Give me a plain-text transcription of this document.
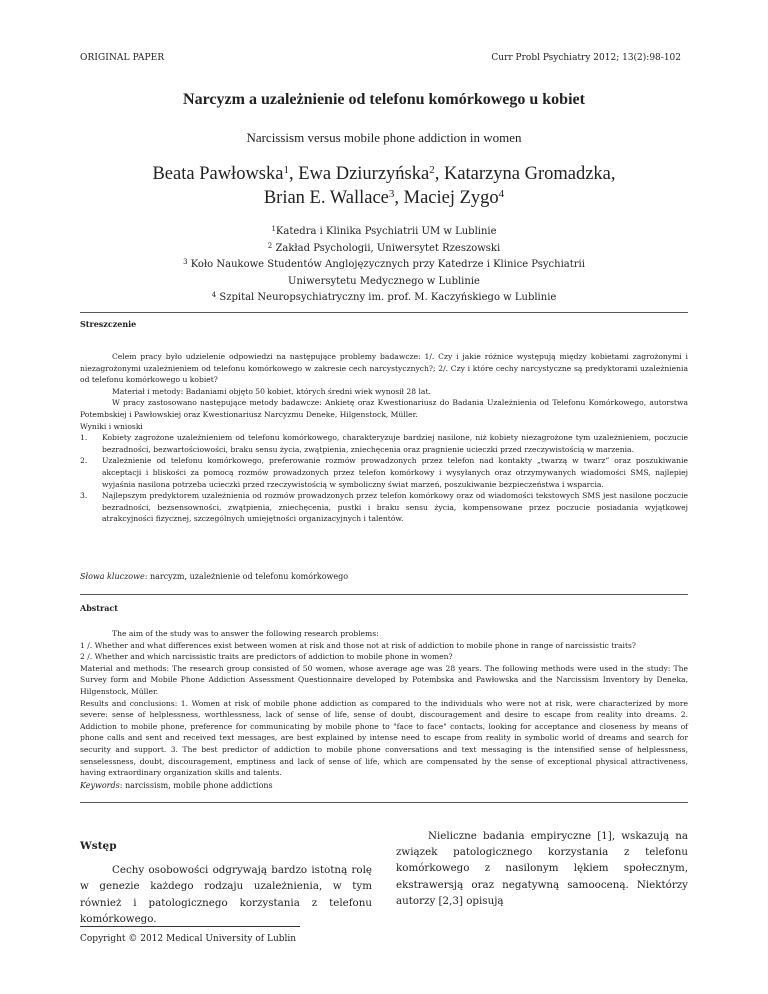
ORIGINAL PAPER	Curr Probl Psychiatry 2012; 13(2):98-102
Narcyzm a uzależnienie od telefonu komórkowego u kobiet
Narcissism versus mobile phone addiction in women
Beata Pawłowska$^1$, Ewa Dziurzyńska$^2$, Katarzyna Gromadzka,
Brian E. Wallace$^3$, Maciej Zygo$^4$
$^1$Katedra i Klinika Psychiatrii UM w Lublinie
$^2$ Zakład Psychologii, Uniwersytet Rzeszowski
$^3$ Koło Naukowe Studentów Anglojęzycznych przy Katedrze i Klinice Psychiatrii
Uniwersytetu Medycznego w Lublinie
$^4$ Szpital Neuropsychiatryczny im. prof. M. Kaczyńskiego w Lublinie
Streszczenie

Celem pracy było udzielenie odpowiedzi na następujące problemy badawcze: 1/. Czy i jakie różnice występują między kobietami zagrożonymi i niezagrożonymi uzależnieniem od telefonu komórkowego w zakresie cech narcystycznych?; 2/. Czy i które cechy narcystyczne są predyktorami uzależnienia od telefonu komórkowego u kobiet?

Materiał i metody: Badaniami objęto 50 kobiet, których średni wiek wynosił 28 lat.

W pracy zastosowano następujące metody badawcze: Ankietę oraz Kwestionariusz do Badania Uzależnienia od Telefonu Komórkowego, autorstwa Potembskiej i Pawłowskiej oraz Kwestionariusz Narcyzmu Deneke, Hilgenstock, Müller.

Wyniki i wnioski

1.	Kobiety zagrożone uzależnieniem od telefonu komórkowego, charakteryzuje bardziej nasilone, niż kobiety niezagrożone tym uzależnieniem, poczucie bezradności, bezwartościowości, braku sensu życia, zwątpienia, zniechęcenia oraz pragnienie ucieczki przed rzeczywistością w marzenia.
2.	Uzależnienie od telefonu komórkowego, preferowanie rozmów prowadzonych przez telefon nad kontakty „twarzą w twarz” oraz poszukiwanie akceptacji i bliskości za pomocą rozmów prowadzonych przez telefon komórkowy i wysyłanych oraz otrzymywanych wiadomości SMS, najlepiej wyjaśnia nasilona potrzeba ucieczki przed rzeczywistością w symboliczny świat marzeń, poszukiwanie bezpieczeństwa i wsparcia.
3.	Najlepszym predyktorem uzależnienia od rozmów prowadzonych przez telefon komórkowy oraz od wiadomości tekstowych SMS jest nasilone poczucie bezradności, bezsensowności, zwątpienia, zniechęcenia, pustki i braku sensu życia, kompensowane przez poczucie posiadania wyjątkowej atrakcyjności fizycznej, szczególnych umiejętności organizacyjnych i talentów.
Słowa kluczowe: narcyzm, uzależnienie od telefonu komórkowego
Abstract

The aim of the study was to answer the following research problems:

1 /. Whether and what differences exist between women at risk and those not at risk of addiction to mobile phone in range of narcissistic traits?

2 /. Whether and which narcissistic traits are predictors of addiction to mobile phone in women?

Material and methods: The research group consisted of 50 women, whose average age was 28 years. The following methods were used in the study: The Survey form and Mobile Phone Addiction Assessment Questionnaire developed by Potembska and Pawłowska and the Narcissism Inventory by Deneka, Hilgenstock, Müller.

Results and conclusions: 1. Women at risk of mobile phone addiction as compared to the individuals who were not at risk, were characterized by more severe: sense of helplessness, worthlessness, lack of sense of life, sense of doubt, discouragement and desire to escape from reality into dreams. 2. Addiction to mobile phone, preference for communicating by mobile phone to "face to face" contacts, looking for acceptance and closeness by means of phone calls and sent and received text messages, are best explained by intense need to escape from reality in symbolic world of dreams and search for security and support. 3. The best predictor of addiction to mobile phone conversations and text messaging is the intensified sense of helplessness, senselessness, doubt, discouragement, emptiness and lack of sense of life, which are compensated by the sense of exceptional physical attractiveness, having extraordinary organization skills and talents.

Keywords: narcissism, mobile phone addictions
Wstęp

Cechy osobowości odgrywają bardzo istotną rolę w genezie każdego rodzaju uzależnienia, w tym również i patologicznego korzystania z telefonu komórkowego.

Nieliczne badania empiryczne [1], wskazują na związek patologicznego korzystania z telefonu komórkowego z nasilonym lękiem społecznym, ekstrawersją oraz negatywną samooceną. Niektórzy autorzy [2,3] opisują

Copyright © 2012 Medical University of Lublin
